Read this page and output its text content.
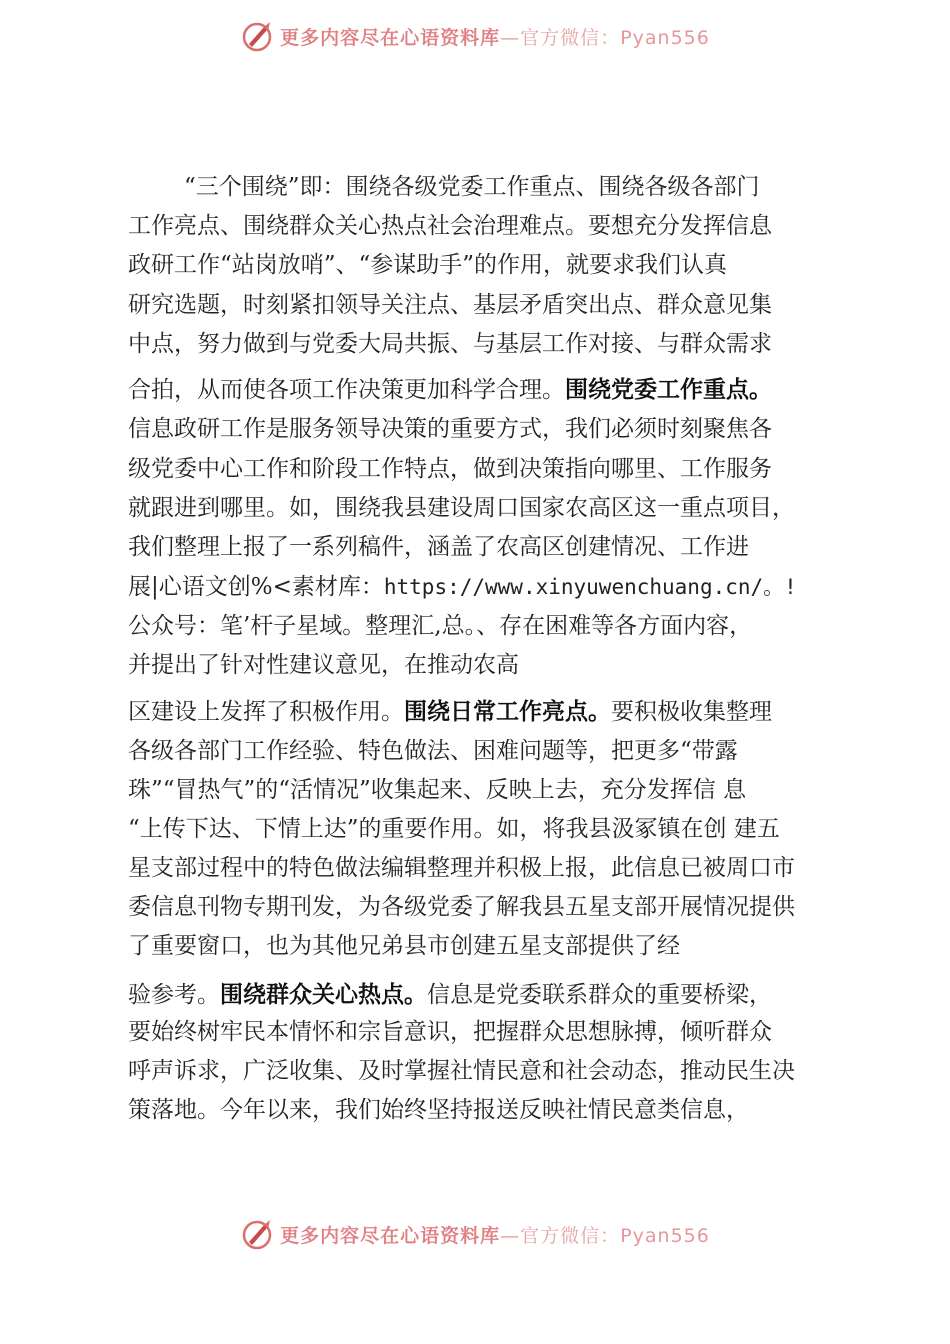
更多内容尽在心语资料库—官方微信：Pyan556

“三个围绕”即：围绕各级党委工作重点、围绕各级各部门

工作亮点、围绕群众关心热点社会治理难点。要想充分发挥信息

政研工作“站岗放哨”、“参谋助手”的作用，就要求我们认真

研究选题，时刻紧扣领导关注点、基层矛盾突出点、群众意见集

中点，努力做到与党委大局共振、与基层工作对接、与群众需求

合拍，从而使各项工作决策更加科学合理。围绕党委工作重点。

信息政研工作是服务领导决策的重要方式，我们必须时刻聚焦各

级党委中心工作和阶段工作特点，做到决策指向哪里、工作服务

就跟进到哪里。如，围绕我县建设周口国家农高区这一重点项目，

我们整理上报了一系列稿件，涵盖了农高区创建情况、工作进

展|心语文创%<素材库：https://www.xinyuwenchuang.cn/。!

公众号：笔’杆子星域。整理汇,总。、存在困难等各方面内容，

并提出了针对性建议意见，在推动农高

区建设上发挥了积极作用。围绕日常工作亮点。要积极收集整理

各级各部门工作经验、特色做法、困难问题等，把更多“带露

珠”“冒热气”的“活情况”收集起来、反映上去，充分发挥信 息

“上传下达、下情上达”的重要作用。如，将我县汲冢镇在创 建五

星支部过程中的特色做法编辑整理并积极上报，此信息已被周口市

委信息刊物专期刊发，为各级党委了解我县五星支部开展情况提供

了重要窗口，也为其他兄弟县市创建五星支部提供了经

验参考。围绕群众关心热点。信息是党委联系群众的重要桥梁，

要始终树牢民本情怀和宗旨意识，把握群众思想脉搏，倾听群众

呼声诉求，广泛收集、及时掌握社情民意和社会动态，推动民生决

策落地。今年以来，我们始终坚持报送反映社情民意类信息，

更多内容尽在心语资料库—官方微信：Pyan556
